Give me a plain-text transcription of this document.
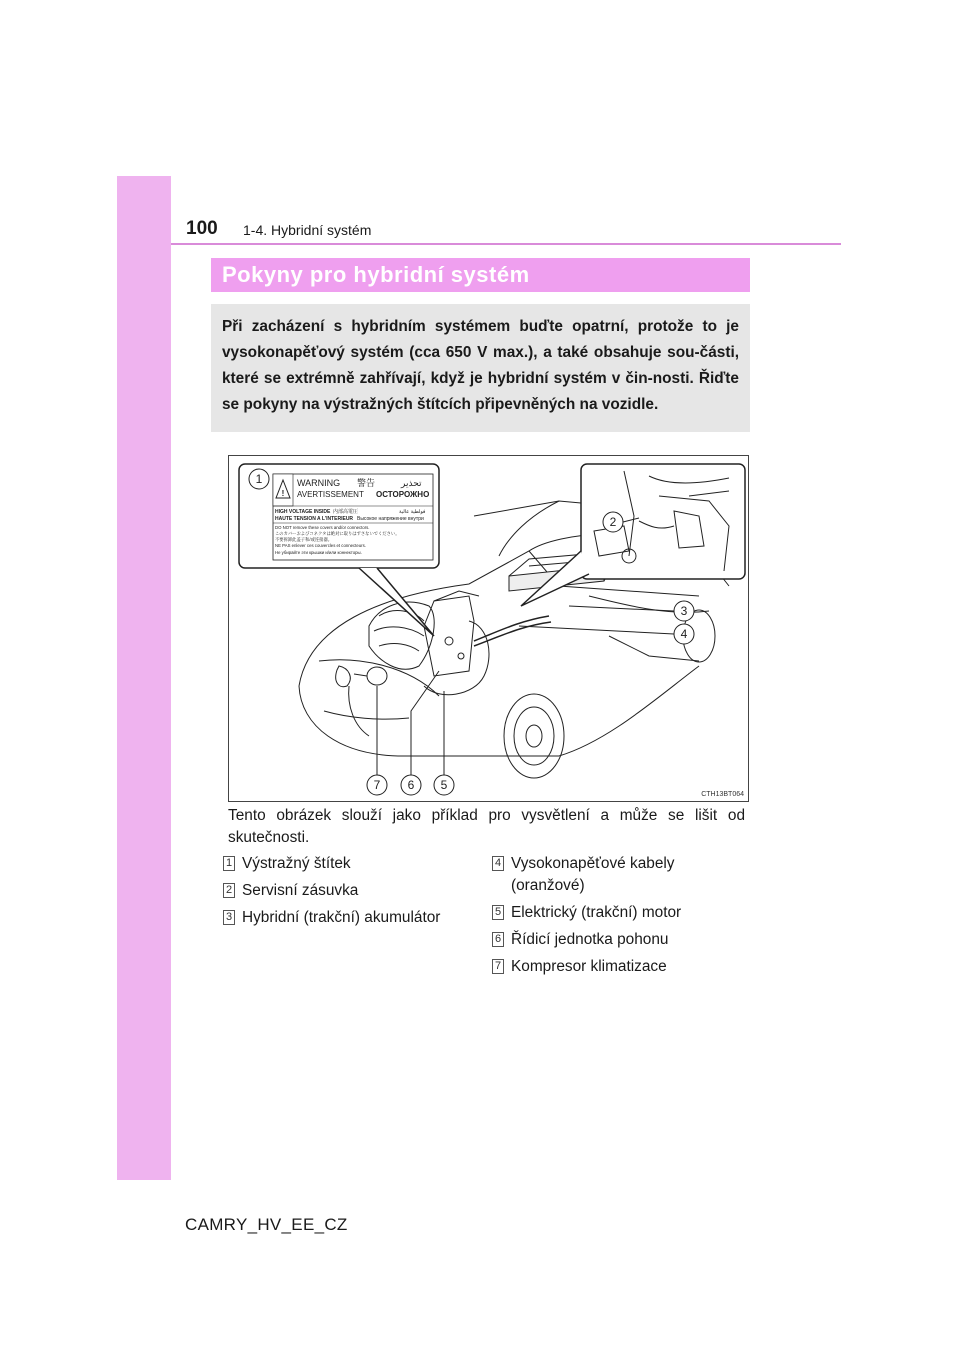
100 1-4. Hybridní systém
Pokyny pro hybridní systém
Při zacházení s hybridním systémem buďte opatrní, protože to je vysokonapěťový systém (cca 650 V max.), a také obsahuje sou-části, které se extrémně zahřívají, když je hybridní systém v čin-nosti. Řiďte se pokyny na výstražných štítcích připevněných na vozidle.
!
WARNING 警告	تحذير
AVERTISSEMENT ОСТОРОЖНО
HIGH VOLTAGE INSIDE 内部高電圧	فولطية عالية
HAUTE TENSION A L'INTERIEUR Высокое напряжение внутри
DO NOT remove these covers and/or connectors.
このカバーおよびコネクタは絶対に取りはずさないでください。
不要拆卸此盖子和/或连接器。
NE PAS enlever ces couvercles et connecteurs.
Не убирайте эти крышки и/или коннекторы.
1
2
3
4
5
6
7
CTH13BT064
Tento obrázek slouží jako příklad pro vysvětlení a může se lišit od skutečnosti.
1 Výstražný štítek
2 Servisní zásuvka
3 Hybridní (trakční) akumulátor
4 Vysokonapěťové kabely
(oranžové)
5 Elektrický (trakční) motor
6 Řídicí jednotka pohonu
7 Kompresor klimatizace
CAMRY_HV_EE_CZ
